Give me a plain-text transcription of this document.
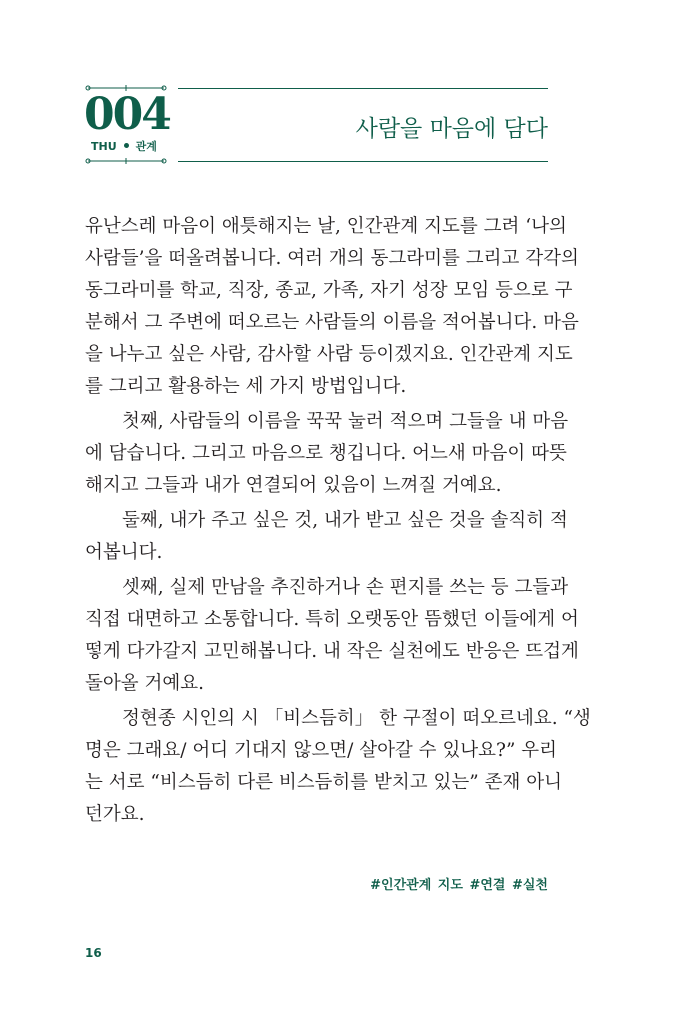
004
THU 관계
사람을 마음에 담다
유난스레 마음이 애틋해지는 날, 인간관계 지도를 그려 ‘나의
사람들’을 떠올려봅니다. 여러 개의 동그라미를 그리고 각각의
동그라미를 학교, 직장, 종교, 가족, 자기 성장 모임 등으로 구
분해서 그 주변에 떠오르는 사람들의 이름을 적어봅니다. 마음
을 나누고 싶은 사람, 감사할 사람 등이겠지요. 인간관계 지도
를 그리고 활용하는 세 가지 방법입니다.
첫째, 사람들의 이름을 꾹꾹 눌러 적으며 그들을 내 마음
에 담습니다. 그리고 마음으로 챙깁니다. 어느새 마음이 따뜻
해지고 그들과 내가 연결되어 있음이 느껴질 거예요.
둘째, 내가 주고 싶은 것, 내가 받고 싶은 것을 솔직히 적
어봅니다.
셋째, 실제 만남을 추진하거나 손 편지를 쓰는 등 그들과
직접 대면하고 소통합니다. 특히 오랫동안 뜸했던 이들에게 어
떻게 다가갈지 고민해봅니다. 내 작은 실천에도 반응은 뜨겁게
돌아올 거예요.
정현종 시인의 시 「비스듬히」 한 구절이 떠오르네요. “생
명은 그래요/ 어디 기대지 않으면/ 살아갈 수 있나요?” 우리
는 서로 “비스듬히 다른 비스듬히를 받치고 있는” 존재 아니
던가요.
#인간관계 지도 #연결 #실천
16
